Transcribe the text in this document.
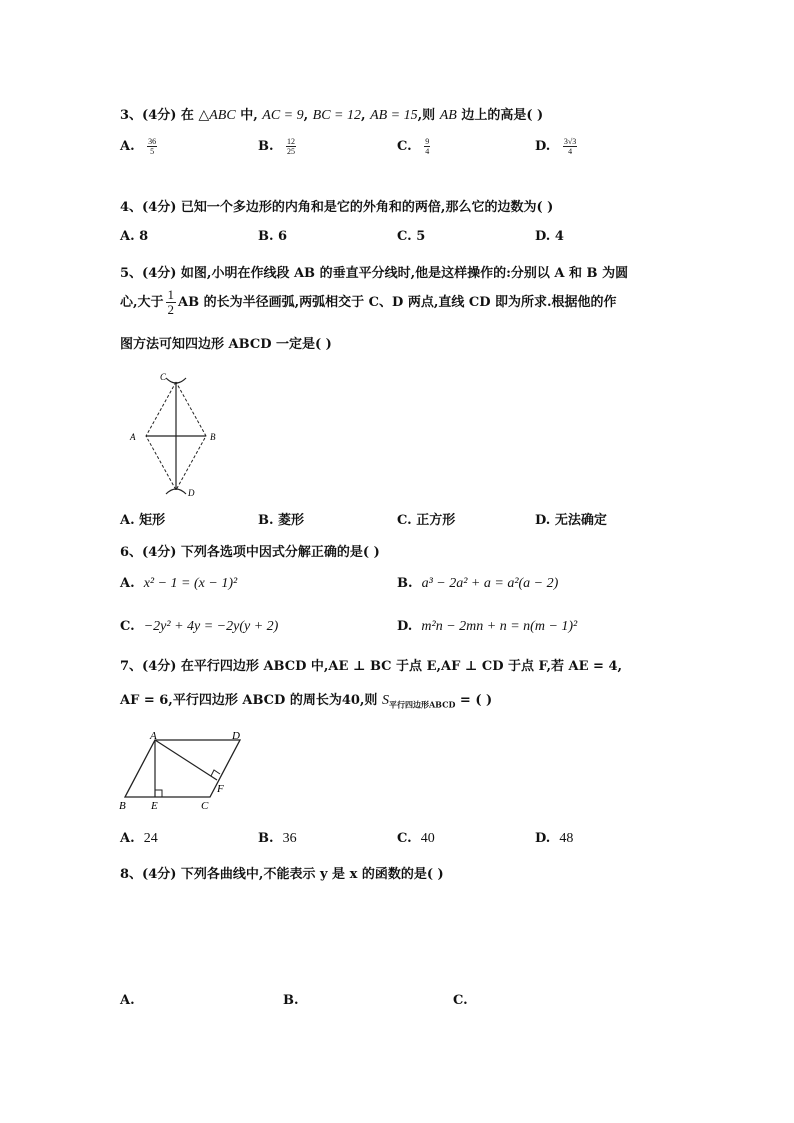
3、(4分) 在 △ABC 中, AC = 9, BC = 12, AB = 15,则 AB 边上的高是( )
A. $\frac{36}{5}$	B. $\frac{12}{25}$	C. $\frac{9}{4}$	D. $\frac{3√3}{4}$
4、(4分) 已知一个多边形的内角和是它的外角和的两倍,那么它的边数为( )
A. 8	B. 6	C. 5	D. 4
5、(4分) 如图,小明在作线段 AB 的垂直平分线时,他是这样操作的:分别以 A 和 B 为圆
心,大于 $\frac{1}{2}$ AB 的长为半径画弧,两弧相交于 C、D 两点,直线 CD 即为所求.根据他的作
图方法可知四边形 ABCD 一定是( )
C
A	B
D
A. 矩形	B. 菱形	C. 正方形	D. 无法确定
6、(4分) 下列各选项中因式分解正确的是( )
A. x² − 1 = (x − 1)²	B. a³ − 2a² + a = a²(a − 2)
C. −2y² + 4y = −2y(y + 2)	D. m²n − 2mn + n = n(m − 1)²
7、(4分) 在平行四边形 ABCD 中,AE ⊥ BC 于点 E,AF ⊥ CD 于点 F,若 AE = 4,
AF = 6,平行四边形 ABCD 的周长为40,则 $S_{平行四边形ABCD}$ = ( )
A	D
B E	C
F
A. 24	B. 36	C. 40	D. 48
8、(4分) 下列各曲线中,不能表示 y 是 x 的函数的是( )
A.	B.	C.
